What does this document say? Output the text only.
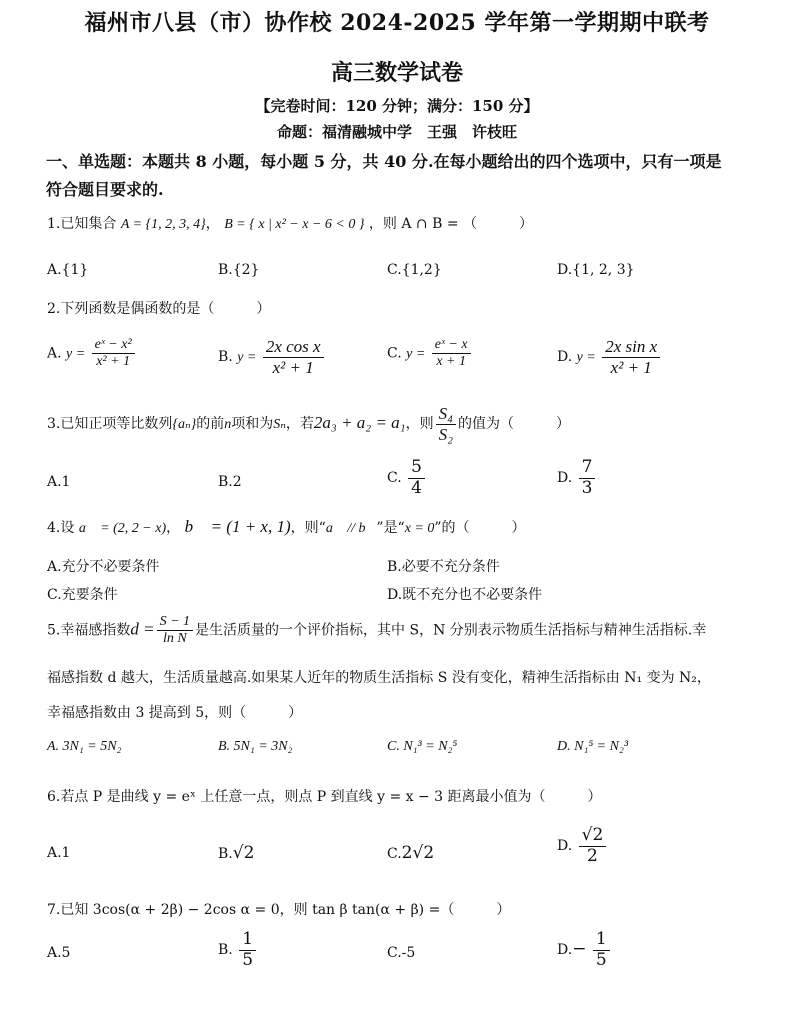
福州市八县（市）协作校 2024-2025 学年第一学期期中联考
高三数学试卷
【完卷时间：120 分钟；满分：150 分】
命题：福清融城中学　王强　许枝旺
一、单选题：本题共 8 小题，每小题 5 分，共 40 分.在每小题给出的四个选项中，只有一项是
符合题目要求的.
1.已知集合 A = {1, 2, 3, 4}， B = { x | x² − x − 6 < 0 } ，则 A ∩ B = （　　　）
A.{1}	B.{2}	C.{1,2}	D.{1, 2, 3}
2.下列函数是偶函数的是（　　　）
A. $y = \frac{\text{eˣ − x²}}{\text{x² + 1}}$	B. $y = \frac{\text{2x cos x}}{\text{x² + 1}}$	C. $y = \frac{\text{eˣ − x}}{x + 1}$	D. $y = \frac{\text{2x sin x}}{\text{x² + 1}}$
3.已知正项等比数列{aₙ}的前n项和为Sₙ，若2a₃ + a₂ = a₁，则 $\frac{\text{S₄}}{\text{S₂}}$ 的值为（　　　）
A.1	B.2	C. $\frac{5}{4}$	D. $\frac{7}{3}$
4.设 a⃗ = (2, 2 − x)， b⃗ = (1 + x, 1)，则“a⃗ // b⃗”是“x = 0”的（　　　）
A.充分不必要条件	B.必要不充分条件
C.充要条件	D.既不充分也不必要条件
5.幸福感指数$d = \frac{S - 1}{\text{ln N}}$ 是生活质量的一个评价指标，其中 S，N 分别表示物质生活指标与精神生活指标.幸
福感指数 d 越大，生活质量越高.如果某人近年的物质生活指标 S 没有变化，精神生活指标由 N₁ 变为 N₂，
幸福感指数由 3 提高到 5，则（　　　）
A. 3N₁ = 5N₂	B. 5N₁ = 3N₂	C. N₁³ = N₂⁵	D. N₁⁵ = N₂³
6.若点 P 是曲线 y = eˣ 上任意一点，则点 P 到直线 y = x − 3 距离最小值为（　　　）
A.1	B.√2	C.2√2	D. $\frac{√2}{2}$
7.已知 3cos(α + 2β) − 2cos α = 0，则 tan β tan(α + β) =（　　　）
A.5	B. $\frac{1}{5}$	C.-5	$D.- \frac{1}{5}$
